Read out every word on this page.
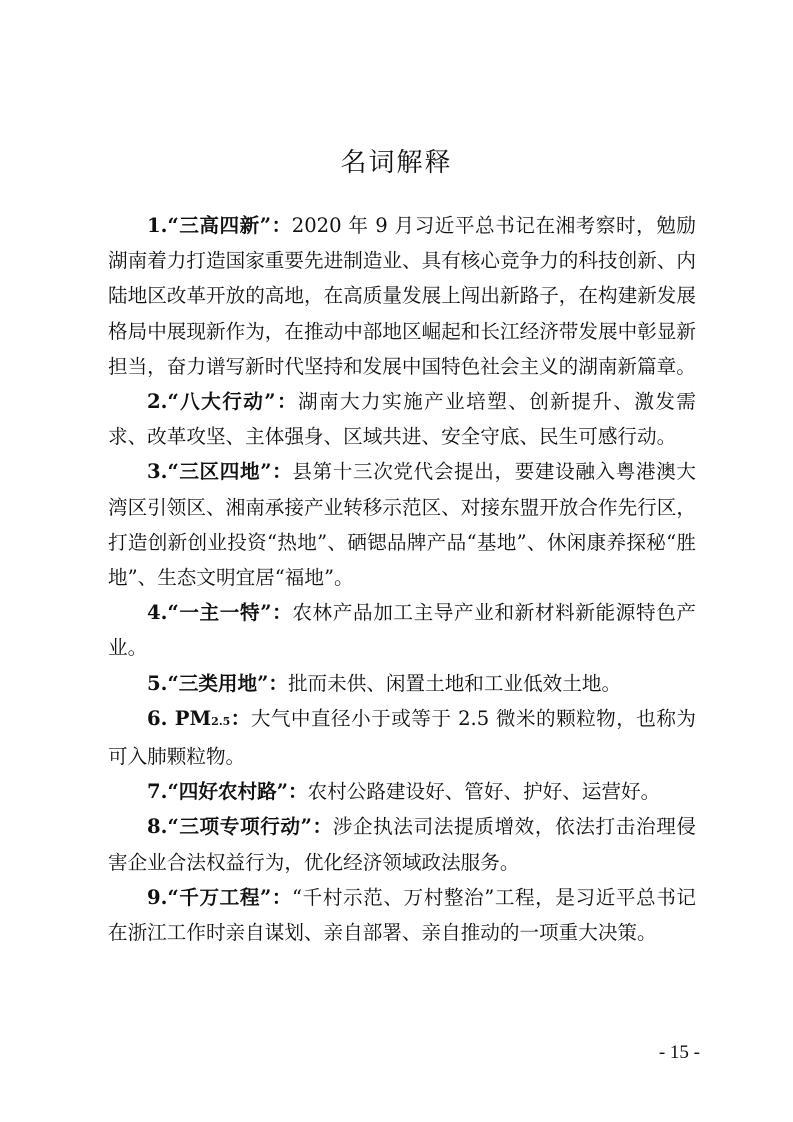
名词解释

1.“三高四新”：2020 年 9 月习近平总书记在湘考察时，勉励湖南着力打造国家重要先进制造业、具有核心竞争力的科技创新、内陆地区改革开放的高地，在高质量发展上闯出新路子，在构建新发展格局中展现新作为，在推动中部地区崛起和长江经济带发展中彰显新担当，奋力谱写新时代坚持和发展中国特色社会主义的湖南新篇章。

2.“八大行动”：湖南大力实施产业培塑、创新提升、激发需求、改革攻坚、主体强身、区域共进、安全守底、民生可感行动。

3.“三区四地”：县第十三次党代会提出，要建设融入粤港澳大湾区引领区、湘南承接产业转移示范区、对接东盟开放合作先行区，打造创新创业投资“热地”、硒锶品牌产品“基地”、休闲康养探秘“胜地”、生态文明宜居“福地”。

4.“一主一特”：农林产品加工主导产业和新材料新能源特色产业。

5.“三类用地”：批而未供、闲置土地和工业低效土地。

6. PM2.5：大气中直径小于或等于 2.5 微米的颗粒物，也称为可入肺颗粒物。

7.“四好农村路”：农村公路建设好、管好、护好、运营好。

8.“三项专项行动”：涉企执法司法提质增效，依法打击治理侵害企业合法权益行为，优化经济领域政法服务。

9.“千万工程”：“千村示范、万村整治”工程，是习近平总书记在浙江工作时亲自谋划、亲自部署、亲自推动的一项重大决策。

- 15 -
